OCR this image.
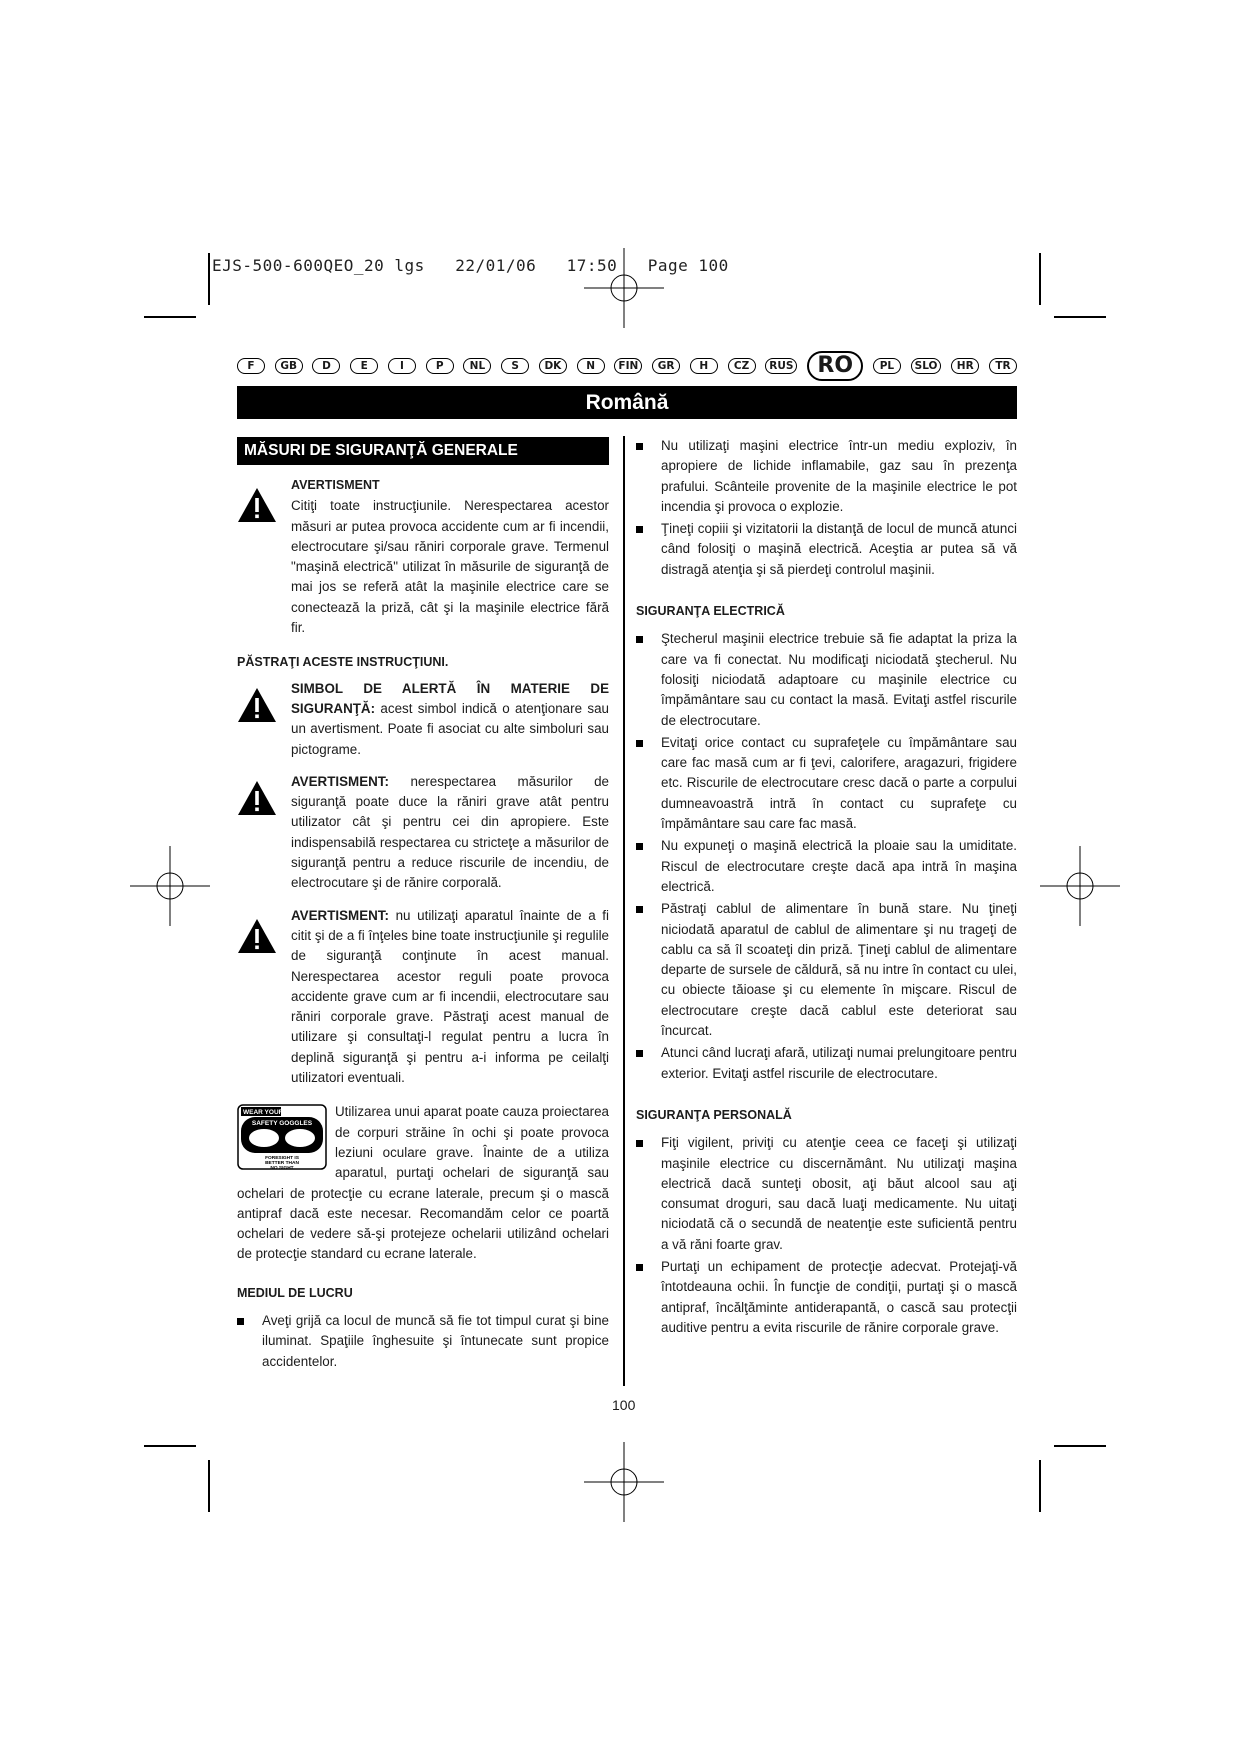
EJS-500-600QEO_20 lgs   22/01/06   17:50   Page 100
F	GB	D	E	I	P	NL	S	DK	N	FIN	GR	H	CZ	RUS	RO	PL	SLO	HR	TR
Română
MĂSURI DE SIGURANŢĂ GENERALE
AVERTISMENT

Citiţi toate instrucţiunile. Nerespectarea acestor măsuri ar putea provoca accidente cum ar fi incendii, electrocutare şi/sau răniri corporale grave. Termenul "maşină electrică" utilizat în măsurile de siguranţă de mai jos se referă atât la maşinile electrice care se conectează la priză, cât şi la maşinile electrice fără fir.

PĂSTRAŢI ACESTE INSTRUCŢIUNI.

SIMBOL DE ALERTĂ ÎN MATERIE DE SIGURANŢĂ: acest simbol indică o atenţionare sau un avertisment. Poate fi asociat cu alte simboluri sau pictograme.

AVERTISMENT: nerespectarea măsurilor de siguranţă poate duce la răniri grave atât pentru utilizator cât şi pentru cei din apropiere. Este indispensabilă respectarea cu stricteţe a măsurilor de siguranţă pentru a reduce riscurile de incendiu, de electrocutare şi de rănire corporală.

AVERTISMENT: nu utilizaţi aparatul înainte de a fi citit şi de a fi înţeles bine toate instrucţiunile şi regulile de siguranţă conţinute în acest manual. Nerespectarea acestor reguli poate provoca accidente grave cum ar fi incendii, electrocutare sau răniri corporale grave. Păstraţi acest manual de utilizare şi consultaţi-l regulat pentru a lucra în deplină siguranţă şi pentru a-i informa pe ceilalţi utilizatori eventuali.

WEAR YOUR
SAFETY GOGGLES
FORESIGHT IS
BETTER THAN
NO SIGHT

Utilizarea unui aparat poate cauza proiectarea de corpuri străine în ochi şi poate provoca leziuni oculare grave. Înainte de a utiliza aparatul, purtaţi ochelari de siguranţă sau ochelari de protecţie cu ecrane laterale, precum şi o mască antipraf dacă este necesar. Recomandăm celor ce poartă ochelari de vedere să-şi protejeze ochelarii utilizând ochelari de protecţie standard cu ecrane laterale.

MEDIUL DE LUCRU
Aveţi grijă ca locul de muncă să fie tot timpul curat şi bine iluminat. Spaţiile înghesuite şi întunecate sunt propice accidentelor.
Nu utilizaţi maşini electrice într-un mediu exploziv, în apropiere de lichide inflamabile, gaz sau în prezenţa prafului. Scânteile provenite de la maşinile electrice le pot incendia şi provoca o explozie.
Ţineţi copiii şi vizitatorii la distanţă de locul de muncă atunci când folosiţi o maşină electrică. Aceştia ar putea să vă distragă atenţia şi să pierdeţi controlul maşinii.
SIGURANŢA ELECTRICĂ
Ştecherul maşinii electrice trebuie să fie adaptat la priza la care va fi conectat. Nu modificaţi niciodată ştecherul. Nu folosiţi niciodată adaptoare cu maşinile electrice cu împământare sau cu contact la masă. Evitaţi astfel riscurile de electrocutare.
Evitaţi orice contact cu suprafeţele cu împământare sau care fac masă cum ar fi ţevi, calorifere, aragazuri, frigidere etc. Riscurile de electrocutare cresc dacă o parte a corpului dumneavoastră intră în contact cu suprafeţe cu împământare sau care fac masă.
Nu expuneţi o maşină electrică la ploaie sau la umiditate. Riscul de electrocutare creşte dacă apa intră în maşina electrică.
Păstraţi cablul de alimentare în bună stare. Nu ţineţi niciodată aparatul de cablul de alimentare şi nu trageţi de cablu ca să îl scoateţi din priză. Ţineţi cablul de alimentare departe de sursele de căldură, să nu intre în contact cu ulei, cu obiecte tăioase şi cu elemente în mişcare. Riscul de electrocutare creşte dacă cablul este deteriorat sau încurcat.
Atunci când lucraţi afară, utilizaţi numai prelungitoare pentru exterior. Evitaţi astfel riscurile de electrocutare.
SIGURANŢA PERSONALĂ
Fiţi vigilent, priviţi cu atenţie ceea ce faceţi şi utilizaţi maşinile electrice cu discernământ. Nu utilizaţi maşina electrică dacă sunteţi obosit, aţi băut alcool sau aţi consumat droguri, sau dacă luaţi medicamente. Nu uitaţi niciodată că o secundă de neatenţie este suficientă pentru a vă răni foarte grav.
Purtaţi un echipament de protecţie adecvat. Protejaţi-vă întotdeauna ochii. În funcţie de condiţii, purtaţi şi o mască antipraf, încălţăminte antiderapantă, o cască sau protecţii auditive pentru a evita riscurile de rănire corporale grave.
100
